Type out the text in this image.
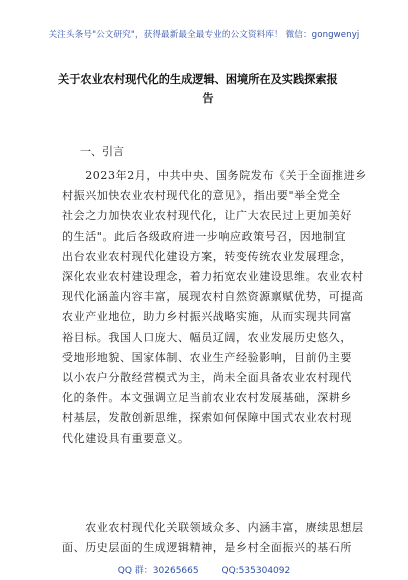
关注头条号"公文研究"，获得最新最全最专业的公文资料库！ 微信：gongwenyj
关于农业农村现代化的生成逻辑、困境所在及实践探索报
告
一、引言
　　2023年2月，中共中央、国务院发布《关于全面推进乡
村振兴加快农业农村现代化的意见》，指出要"举全党全
社会之力加快农业农村现代化，让广大农民过上更加美好
的生活"。此后各级政府进一步响应政策号召，因地制宜
出台农业农村现代化建设方案，转变传统农业发展理念，
深化农业农村建设理念，着力拓宽农业建设思维。农业农村
现代化涵盖内容丰富，展现农村自然资源禀赋优势，可提高
农业产业地位，助力乡村振兴战略实施，从而实现共同富
裕目标。我国人口庞大、幅员辽阔，农业发展历史悠久，
受地形地貌、国家体制、农业生产经验影响，目前仍主要
以小农户分散经营模式为主，尚未全面具备农业农村现代
化的条件。本文强调立足当前农业农村发展基础，深耕乡
村基层，发散创新思维，探索如何保障中国式农业农村现
代化建设具有重要意义。
　　农业农村现代化关联领域众多、内涵丰富，赓续思想层
面、历史层面的生成逻辑精神，是乡村全面振兴的基石所
QQ 群：30265665	QQ:535304092
